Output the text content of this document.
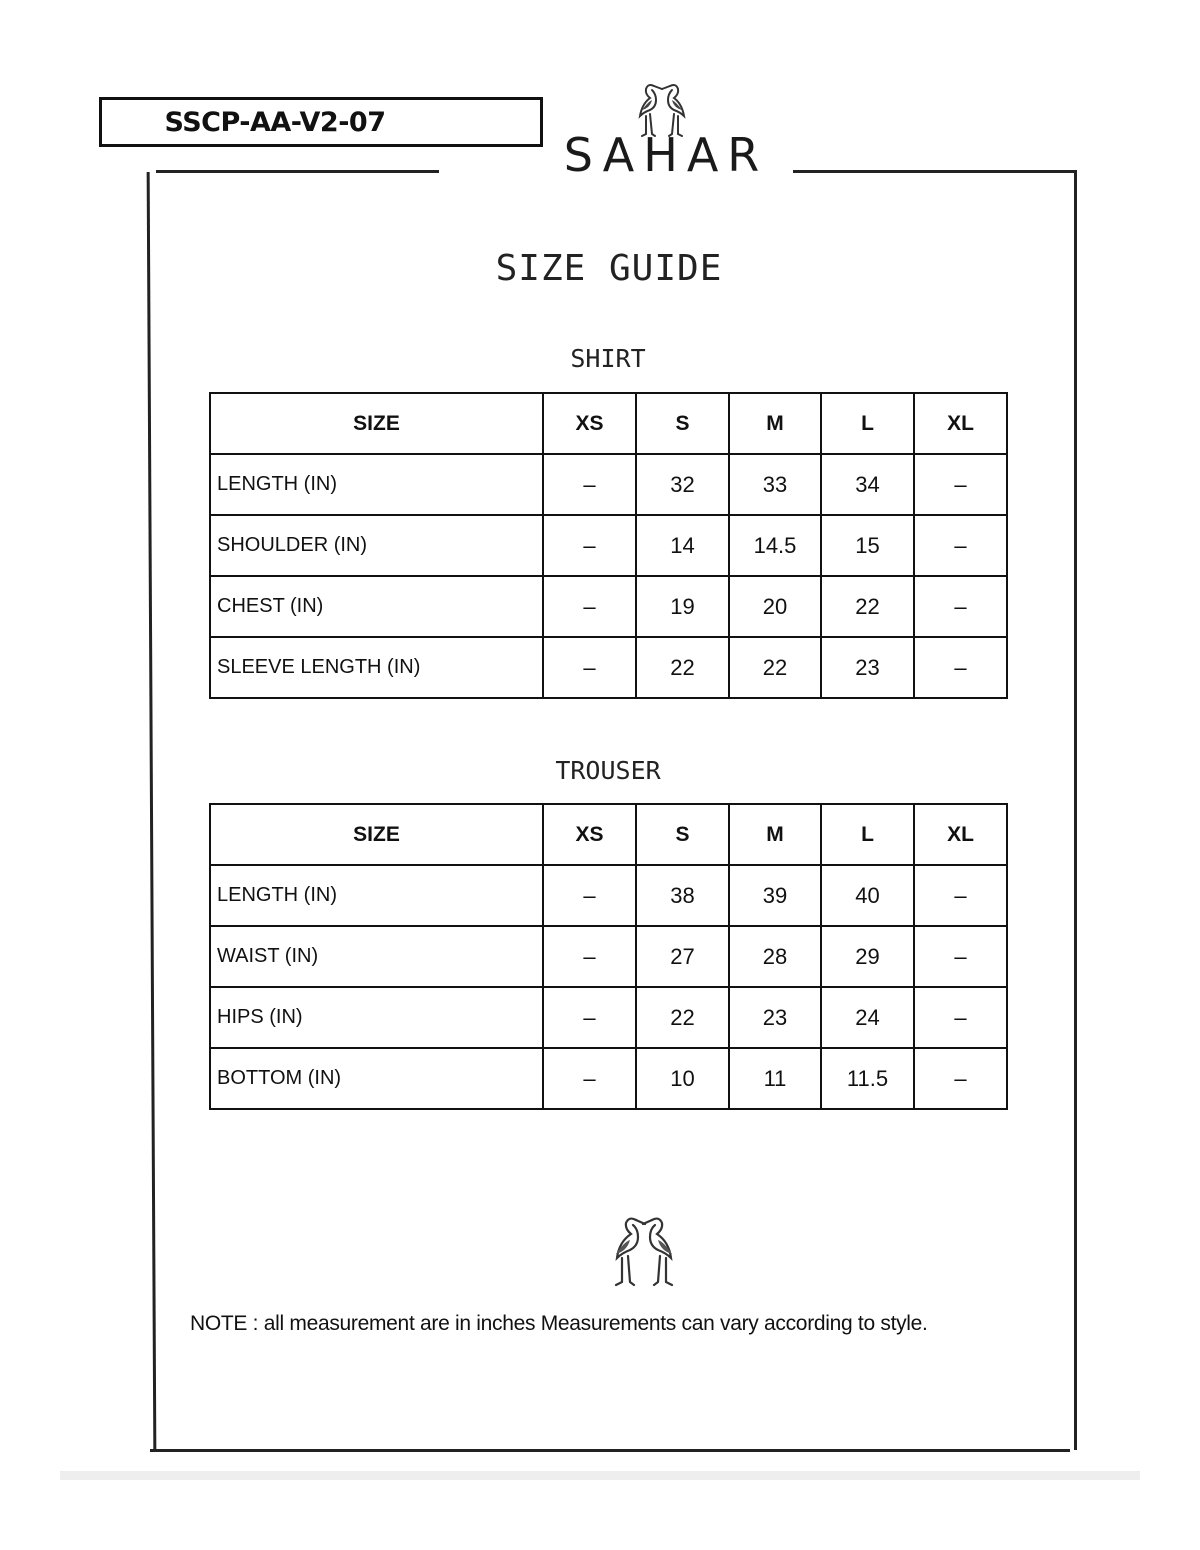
SSCP-AA-V2-07
SAHAR
SIZE GUIDE
SHIRT
SIZE	XS	S	M	L	XL
LENGTH (IN)	–	32	33	34	–
SHOULDER (IN)	–	14	14.5	15	–
CHEST (IN)	–	19	20	22	–
SLEEVE LENGTH (IN)	–	22	22	23	–
TROUSER
SIZE	XS	S	M	L	XL
LENGTH (IN)	–	38	39	40	–
WAIST (IN)	–	27	28	29	–
HIPS (IN)	–	22	23	24	–
BOTTOM (IN)	–	10	11	11.5	–
NOTE : all measurement are in inches Measurements can vary according to style.
